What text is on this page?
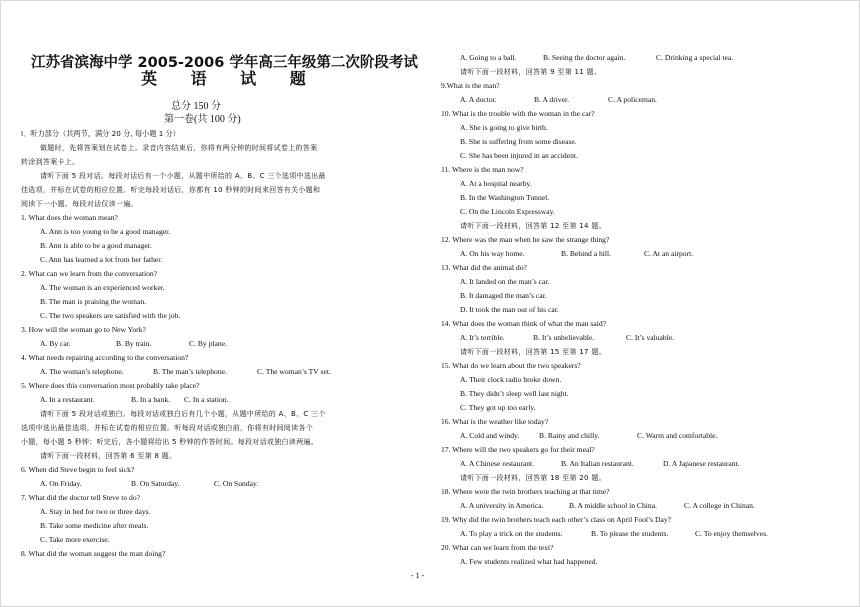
江苏省滨海中学 2005-2006 学年高三年级第二次阶段考试
英 语 试 题
总分 150 分
第一卷(共 100 分)
I．听力部分（共两节，满分 20 分, 每小题 1 分）
做题时，先将答案划在试卷上。录音内容结束后，你将有两分钟的时间将试卷上的答案
转涂到答案卡上。
请听下面 5 段对话。每段对话后有一个小题，从题中所给的 A、B、C 三个选项中选出最
佳选项，并标在试卷的相应位置。听完每段对话后，你都有 10 秒钟的时间来回答有关小题和
阅读下一小题。每段对话仅读一遍。
1. What does the woman mean?
A. Ann is too young to be a good manager.
B. Ann is able to be a good manager.
C. Ann has learned a lot from her father.
2. What can we learn from the conversation?
A. The woman is an experienced worker.
B. The man is praising the woman.
C. The two speakers are satisfied with the job.
3. How will the woman go to New York?
A. By car.	B. By train.	C. By plane.
4. What needs repairing according to the conversation?
A. The woman’s telephone.	B. The man’s telephone.	C. The woman’s TV set.
5. Where does this conversation most probably take place?
A. In a restaurant.	B. In a bank. C. In a station.
请听下面 5 段对话或独白。每段对话或独白后有几个小题，从题中所给的 A、B、C 三个
选项中选出最佳选项，并标在试卷的相应位置。听每段对话或独白前，你将有时间阅读各个
小题，每小题 5 秒钟；听完后，各小题将给出 5 秒钟的作答时间。每段对话或独白读两遍。
请听下面一段材料，回答第 6 至第 8 题。
6. When did Steve begin to feel sick?
A. On Friday.	B. On Saturday.	C. On Sunday.
7. What did the doctor tell Steve to do?
A. Stay in bed for two or three days.
B. Take some medicine after meals.
C. Take more exercise.
8. What did the woman suggest the man doing?
A. Going to a ball.	B. Seeing the doctor again.	C. Drinking a special tea.
请听下面一段材料，回答第 9 至第 11 题。
9.What is the man?
A. A doctor.	B. A driver.	C. A policeman.
10. What is the trouble with the woman in the car?
A. She is going to give birth.
B. She is suffering from some disease.
C. She has been injured in an accident.
11. Where is the man now?
A. At a hospital nearby.
B. In the Washington Tunnel.
C. On the Lincoln Expressway.
请听下面一段材料，回答第 12 至第 14 题。
12. Where was the man when he saw the strange thing?
A. On his way home.	B. Behind a hill.	C. At an airport.
13. What did the animal do?
A. It landed on the man’s car.
B. It damaged the man’s car.
D. It took the man out of his car.
14. What does the woman think of what the man said?
A. It’s terrible.	B. It’s unbelievable.	C. It’s valuable.
请听下面一段材料，回答第 15 至第 17 题。
15. What do we learn about the two speakers?
A. Their clock radio broke down.
B. They didn’t sleep well last night.
C. They got up too early.
16. What is the weather like today?
A. Cold and windy.	B. Rainy and chilly.	C. Warm and comfortable.
17. Where will the two speakers go for their meal?
A. A Chinese restaurant.	B. An Italian restaurant.	D. A Japanese restaurant.
请听下面一段材料，回答第 18 至第 20 题。
18. Where were the twin brothers teaching at that time?
A. A university in America.	B. A middle school in China.	C. A college in Chinan.
19. Why did the twin brothers teach each other’s class on April Fool’s Day?
A. To play a trick on the students.	B. To please the students.	C. To enjoy themselves.
20. What can we learn from the text?
A. Few students realized what had happened.
- 1 -
